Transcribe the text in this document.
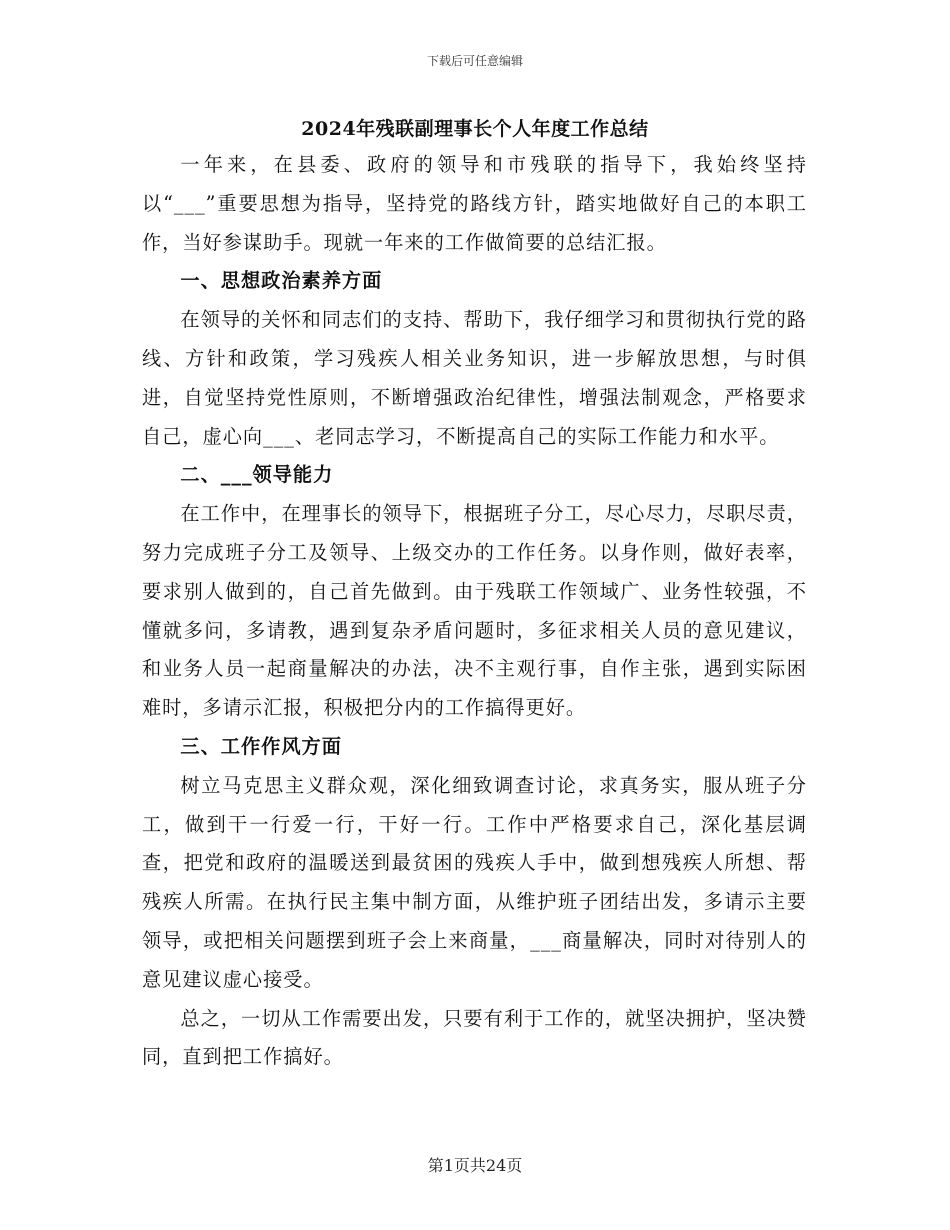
下载后可任意编辑
2024年残联副理事长个人年度工作总结

一年来，在县委、政府的领导和市残联的指导下，我始终坚持以“___”重要思想为指导，坚持党的路线方针，踏实地做好自己的本职工作，当好参谋助手。现就一年来的工作做简要的总结汇报。

一、思想政治素养方面

在领导的关怀和同志们的支持、帮助下，我仔细学习和贯彻执行党的路线、方针和政策，学习残疾人相关业务知识，进一步解放思想，与时俱进，自觉坚持党性原则，不断增强政治纪律性，增强法制观念，严格要求自己，虚心向___、老同志学习，不断提高自己的实际工作能力和水平。

二、___领导能力

在工作中，在理事长的领导下，根据班子分工，尽心尽力，尽职尽责，努力完成班子分工及领导、上级交办的工作任务。以身作则，做好表率，要求别人做到的，自己首先做到。由于残联工作领域广、业务性较强，不懂就多问，多请教，遇到复杂矛盾问题时，多征求相关人员的意见建议，和业务人员一起商量解决的办法，决不主观行事，自作主张，遇到实际困难时，多请示汇报，积极把分内的工作搞得更好。

三、工作作风方面

树立马克思主义群众观，深化细致调查讨论，求真务实，服从班子分工，做到干一行爱一行，干好一行。工作中严格要求自己，深化基层调查，把党和政府的温暖送到最贫困的残疾人手中，做到想残疾人所想、帮残疾人所需。在执行民主集中制方面，从维护班子团结出发，多请示主要领导，或把相关问题摆到班子会上来商量，___商量解决，同时对待别人的意见建议虚心接受。

总之，一切从工作需要出发，只要有利于工作的，就坚决拥护，坚决赞同，直到把工作搞好。

第1页共24页
